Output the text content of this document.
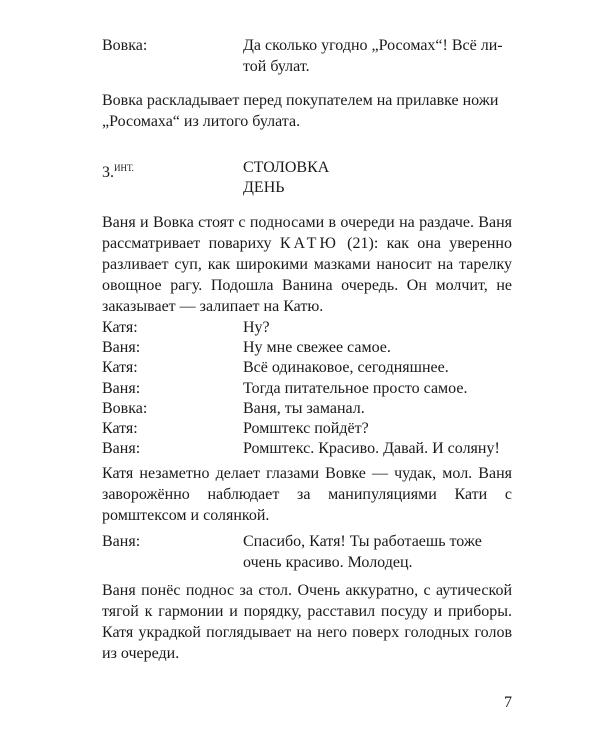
Вовка:	Да сколько угодно „Росомах“! Всё ли-
той булат.
Вовка раскладывает перед покупателем на прилавке ножи
„Росомаха“ из литого булата.
3.$^{ИНТ.}$	СТОЛОВКА
ДЕНЬ
Ваня и Вовка стоят с подносами в очереди на раздаче. Ваня рассматривает повариху КАТЮ (21): как она уверенно разливает суп, как широкими мазками наносит на тарелку овощное рагу. Подошла Ванина очередь. Он молчит, не заказывает — залипает на Катю.
Катя:	Ну?
Ваня:	Ну мне свежее самое.
Катя:	Всё одинаковое, сегодняшнее.
Ваня:	Тогда питательное просто самое.
Вовка:	Ваня, ты заманал.
Катя:	Ромштекс пойдёт?
Ваня:	Ромштекс. Красиво. Давай. И соляну!
Катя незаметно делает глазами Вовке — чудак, мол. Ваня заворожённо наблюдает за манипуляциями Кати с ромштексом и солянкой.
Ваня:	Спасибо, Катя! Ты работаешь тоже
очень красиво. Молодец.
Ваня понёс поднос за стол. Очень аккуратно, с аутической тягой к гармонии и порядку, расставил посуду и приборы. Катя украдкой поглядывает на него поверх голодных голов из очереди.
7
